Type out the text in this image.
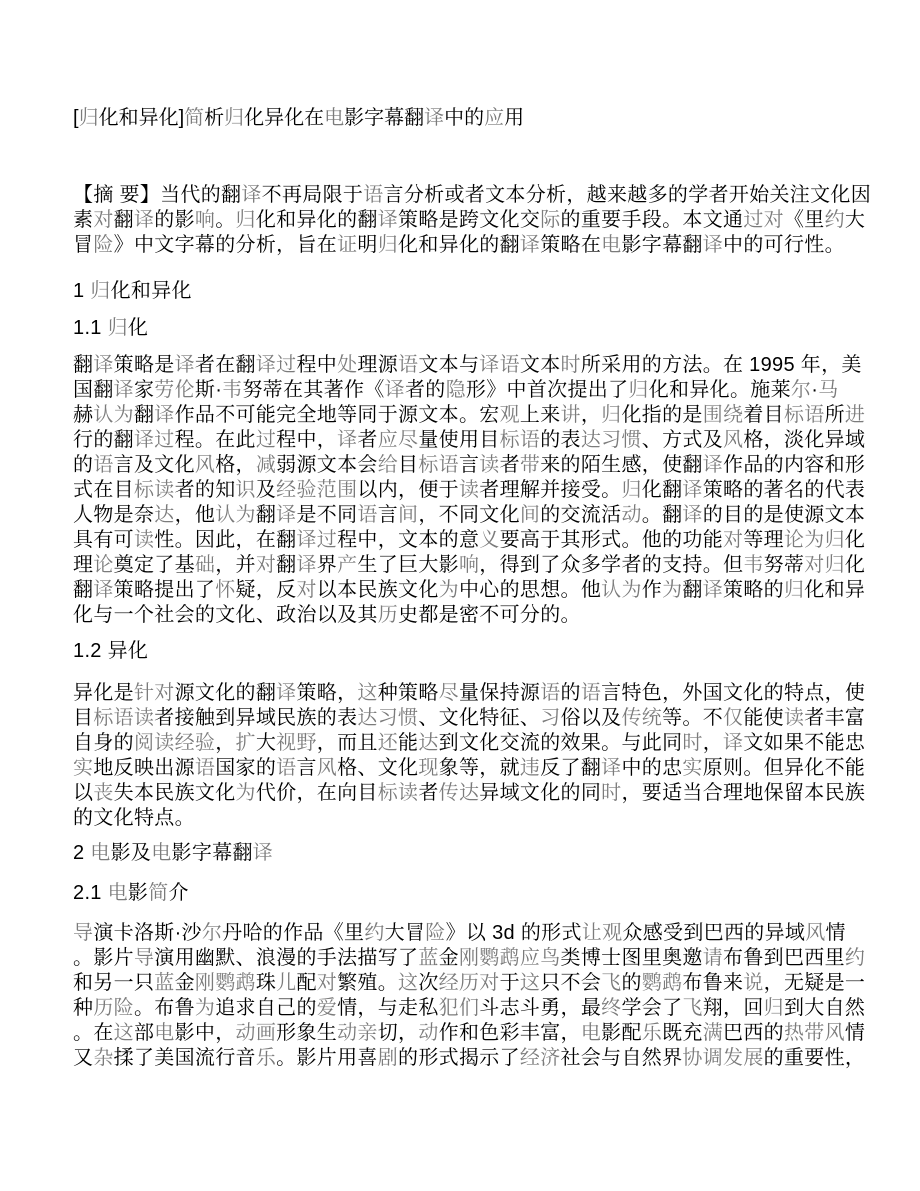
[归化和异化]简析归化异化在电影字幕翻译中的应用
【摘 要】当代的翻译不再局限于语言分析或者文本分析，越来越多的学者开始关注文化因
素对翻译的影响。归化和异化的翻译策略是跨文化交际的重要手段。本文通过对《里约大
冒险》中文字幕的分析，旨在证明归化和异化的翻译策略在电影字幕翻译中的可行性。
1 归化和异化
1.1 归化
翻译策略是译者在翻译过程中处理源语文本与译语文本时所采用的方法。在 1995 年，美
国翻译家劳伦斯·韦努蒂在其著作《译者的隐形》中首次提出了归化和异化。施莱尔·马
赫认为翻译作品不可能完全地等同于源文本。宏观上来讲，归化指的是围绕着目标语所进
行的翻译过程。在此过程中，译者应尽量使用目标语的表达习惯、方式及风格，淡化异域
的语言及文化风格，减弱源文本会给目标语言读者带来的陌生感，使翻译作品的内容和形
式在目标读者的知识及经验范围以内，便于读者理解并接受。归化翻译策略的著名的代表
人物是奈达，他认为翻译是不同语言间，不同文化间的交流活动。翻译的目的是使源文本
具有可读性。因此，在翻译过程中，文本的意义要高于其形式。他的功能对等理论为归化
理论奠定了基础，并对翻译界产生了巨大影响，得到了众多学者的支持。但韦努蒂对归化
翻译策略提出了怀疑，反对以本民族文化为中心的思想。他认为作为翻译策略的归化和异
化与一个社会的文化、政治以及其历史都是密不可分的。
1.2 异化
异化是针对源文化的翻译策略，这种策略尽量保持源语的语言特色，外国文化的特点，使
目标语读者接触到异域民族的表达习惯、文化特征、习俗以及传统等。不仅能使读者丰富
自身的阅读经验，扩大视野，而且还能达到文化交流的效果。与此同时，译文如果不能忠
实地反映出源语国家的语言风格、文化现象等，就违反了翻译中的忠实原则。但异化不能
以丧失本民族文化为代价，在向目标读者传达异域文化的同时，要适当合理地保留本民族
的文化特点。
2 电影及电影字幕翻译
2.1 电影简介
导演卡洛斯·沙尔丹哈的作品《里约大冒险》以 3d 的形式让观众感受到巴西的异域风情
。影片导演用幽默、浪漫的手法描写了蓝金刚鹦鹉应鸟类博士图里奥邀请布鲁到巴西里约
和另一只蓝金刚鹦鹉珠儿配对繁殖。这次经历对于这只不会飞的鹦鹉布鲁来说，无疑是一
种历险。布鲁为追求自己的爱情，与走私犯们斗志斗勇，最终学会了飞翔，回归到大自然
。在这部电影中，动画形象生动亲切，动作和色彩丰富，电影配乐既充满巴西的热带风情
又杂揉了美国流行音乐。影片用喜剧的形式揭示了经济社会与自然界协调发展的重要性，
